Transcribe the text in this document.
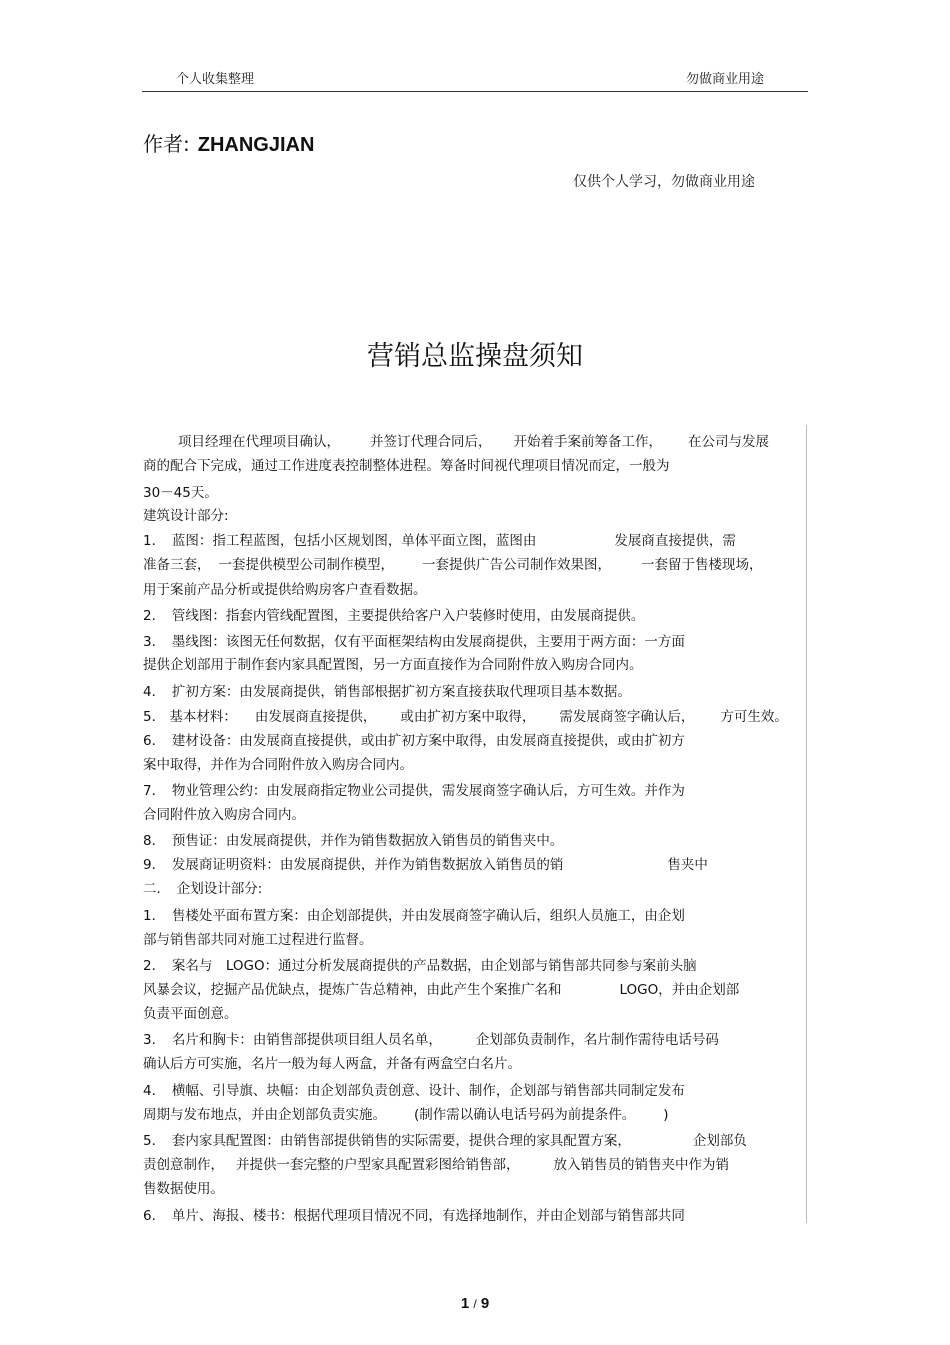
个人收集整理	勿做商业用途
作者: ZHANGJIAN
仅供个人学习，勿做商业用途
营销总监操盘须知
项目经理在代理项目确认， 并签订代理合同后， 开始着手案前筹备工作， 在公司与发展
商的配合下完成，通过工作进度表控制整体进程。筹备时间视代理项目情况而定，一般为
30－45天。
建筑设计部分:
1．　蓝图：指工程蓝图，包括小区规划图，单体平面立图，蓝图由	发展商直接提供，需
准备三套， 一套提供模型公司制作模型， 一套提供广告公司制作效果图， 一套留于售楼现场，
用于案前产品分析或提供给购房客户查看数据。
2．　管线图：指套内管线配置图，主要提供给客户入户装修时使用，由发展商提供。
3．　墨线图：该图无任何数据，仅有平面框架结构由发展商提供，主要用于两方面：一方面
提供企划部用于制作套内家具配置图，另一方面直接作为合同附件放入购房合同内。
4．　扩初方案：由发展商提供，销售部根据扩初方案直接获取代理项目基本数据。
5． 基本材料： 由发展商直接提供， 或由扩初方案中取得， 需发展商签字确认后， 方可生效。
6．　建材设备：由发展商直接提供，或由扩初方案中取得，由发展商直接提供，或由扩初方
案中取得，并作为合同附件放入购房合同内。
7．　物业管理公约：由发展商指定物业公司提供，需发展商签字确认后，方可生效。并作为
合同附件放入购房合同内。
8．　预售证：由发展商提供，并作为销售数据放入销售员的销售夹中。
9．　发展商证明资料：由发展商提供，并作为销售数据放入销售员的销	售夹中
二．　企划设计部分:
1．　售楼处平面布置方案：由企划部提供，并由发展商签字确认后，组织人员施工，由企划
部与销售部共同对施工过程进行监督。
2．　案名与　LOGO：通过分析发展商提供的产品数据，由企划部与销售部共同参与案前头脑
风暴会议，挖掘产品优缺点，提炼广告总精神，由此产生个案推广名和	LOGO，并由企划部
负责平面创意。
3．　名片和胸卡：由销售部提供项目组人员名单，	企划部负责制作，名片制作需待电话号码
确认后方可实施，名片一般为每人两盒，并备有两盒空白名片。
4．　横幅、引导旗、块幅：由企划部负责创意、设计、制作，企划部与销售部共同制定发布
周期与发布地点，并由企划部负责实施。 (制作需以确认电话号码为前提条件。 )
5．　套内家具配置图：由销售部提供销售的实际需要，提供合理的家具配置方案，	企划部负
责创意制作， 并提供一套完整的户型家具配置彩图给销售部，	放入销售员的销售夹中作为销
售数据使用。
6．　单片、海报、楼书：根据代理项目情况不同，有选择地制作，并由企划部与销售部共同
1 / 9
